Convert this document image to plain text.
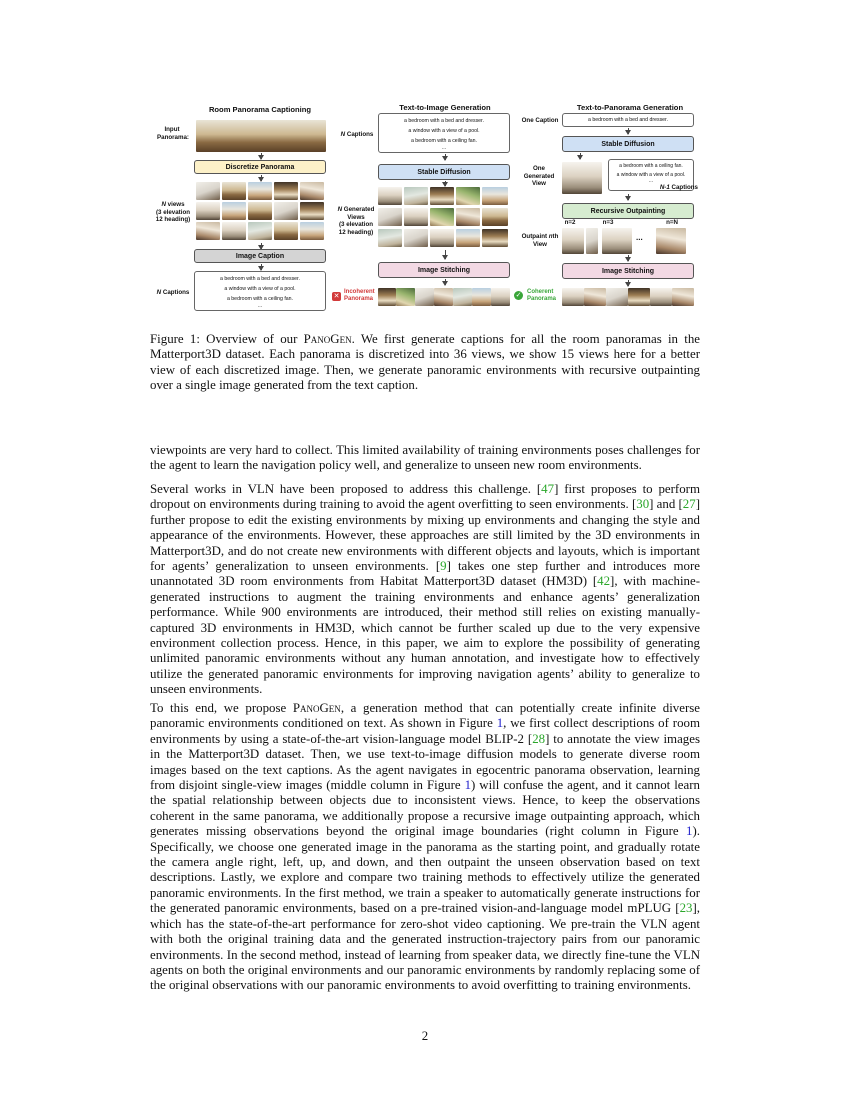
Room Panorama Captioning
Input Panorama:
Discretize Panorama
N views
(3 elevation
12 heading)
Image Caption
N Captions
a bedroom with a bed and dresser.
a window with a view of a pool.
a bedroom with a ceiling fan.
...
Text-to-Image Generation
N Captions
a bedroom with a bed and dresser.
a window with a view of a pool.
a bedroom with a ceiling fan.
...
Stable Diffusion
N Generated
Views
(3 elevation
12 heading)
Image Stitching
✕
Incoherent
Panorama
Text-to-Panorama Generation
One Caption	a bedroom with a bed and dresser.
Stable Diffusion
One
Generated
View
a bedroom with a ceiling fan.
a window with a view of a pool.
...
N-1 Captions
Recursive Outpainting
Outpaint nth
View
n=2	n=3	n=N
...
Image Stitching
✓ Coherent
Panorama
Figure 1: Overview of our PanoGen. We first generate captions for all the room panoramas in the Matterport3D dataset. Each panorama is discretized into 36 views, we show 15 views here for a better view of each discretized image. Then, we generate panoramic environments with recursive outpainting over a single image generated from the text caption.

viewpoints are very hard to collect. This limited availability of training environments poses challenges for the agent to learn the navigation policy well, and generalize to unseen new room environments.

Several works in VLN have been proposed to address this challenge. [47] first proposes to perform dropout on environments during training to avoid the agent overfitting to seen environments. [30] and [27] further propose to edit the existing environments by mixing up environments and changing the style and appearance of the environments. However, these approaches are still limited by the 3D environments in Matterport3D, and do not create new environments with different objects and layouts, which is important for agents’ generalization to unseen environments. [9] takes one step further and introduces more unannotated 3D room environments from Habitat Matterport3D dataset (HM3D) [42], with machine-generated instructions to augment the training environments and enhance agents’ generalization performance. While 900 environments are introduced, their method still relies on existing manually-captured 3D environments in HM3D, which cannot be further scaled up due to the very expensive environment collection process. Hence, in this paper, we aim to explore the possibility of generating unlimited panoramic environments without any human annotation, and investigate how to effectively utilize the generated panoramic environments for improving navigation agents’ ability to generalize to unseen environments.

To this end, we propose PanoGen, a generation method that can potentially create infinite diverse panoramic environments conditioned on text. As shown in Figure 1, we first collect descriptions of room environments by using a state-of-the-art vision-language model BLIP-2 [28] to annotate the view images in the Matterport3D dataset. Then, we use text-to-image diffusion models to generate diverse room images based on the text captions. As the agent navigates in egocentric panorama observation, learning from disjoint single-view images (middle column in Figure 1) will confuse the agent, and it cannot learn the spatial relationship between objects due to inconsistent views. Hence, to keep the observations coherent in the same panorama, we additionally propose a recursive image outpainting approach, which generates missing observations beyond the original image boundaries (right column in Figure 1). Specifically, we choose one generated image in the panorama as the starting point, and gradually rotate the camera angle right, left, up, and down, and then outpaint the unseen observation based on text descriptions. Lastly, we explore and compare two training methods to effectively utilize the generated panoramic environments. In the first method, we train a speaker to automatically generate instructions for the generated panoramic environments, based on a pre-trained vision-and-language model mPLUG [23], which has the state-of-the-art performance for zero-shot video captioning. We pre-train the VLN agent with both the original training data and the generated instruction-trajectory pairs from our panoramic environments. In the second method, instead of learning from speaker data, we directly fine-tune the VLN agents on both the original environments and our panoramic environments by randomly replacing some of the original observations with our panoramic environments to avoid overfitting to training environments.

2
